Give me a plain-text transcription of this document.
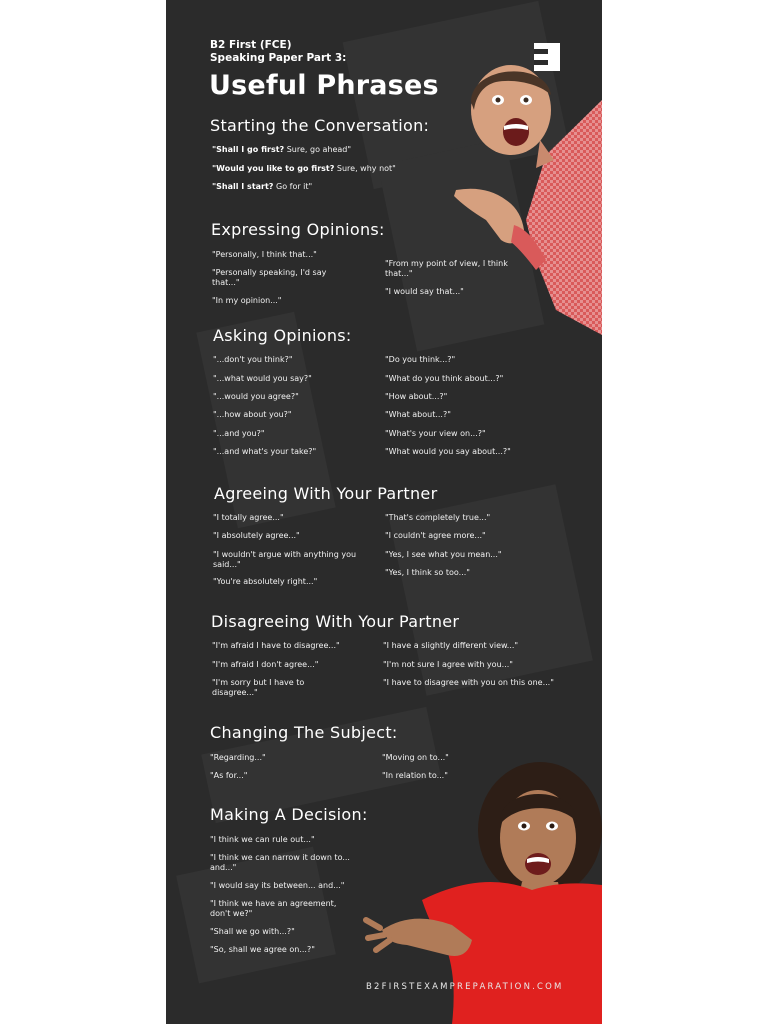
B2 First (FCE)
Speaking Paper Part 3:
Useful Phrases
Starting the Conversation:
"Shall I go first? Sure, go ahead"
"Would you like to go first? Sure, why not"
"Shall I start? Go for it"
Expressing Opinions:
"Personally, I think that..."
"Personally speaking, I'd say that..."
"In my opinion..."
"From my point of view, I think that..."
"I would say that..."
Asking Opinions:
"...don't you think?"
"...what would you say?"
"...would you agree?"
"...how about you?"
"...and you?"
"...and what's your take?"
"Do you think...?"
"What do you think about...?"
"How about...?"
"What about...?"
"What's your view on...?"
"What would you say about...?"
Agreeing With Your Partner
"I totally agree..."
"I absolutely agree..."
"I wouldn't argue with anything you said..."
"You're absolutely right..."
"That's completely true..."
"I couldn't agree more..."
"Yes, I see what you mean..."
"Yes, I think so too..."
Disagreeing With Your Partner
"I'm afraid I have to disagree..."
"I'm afraid I don't agree..."
"I'm sorry but I have to disagree..."
"I have a slightly different view..."
"I'm not sure I agree with you..."
"I have to disagree with you on this one..."
Changing The Subject:
"Regarding..."
"As for..."
"Moving on to..."
"In relation to..."
Making A Decision:
"I think we can rule out..."
"I think we can narrow it down to... and..."
"I would say its between... and..."
"I think we have an agreement, don't we?"
"Shall we go with...?"
"So, shall we agree on...?"
B2FIRSTEXAMPREPARATION.COM
